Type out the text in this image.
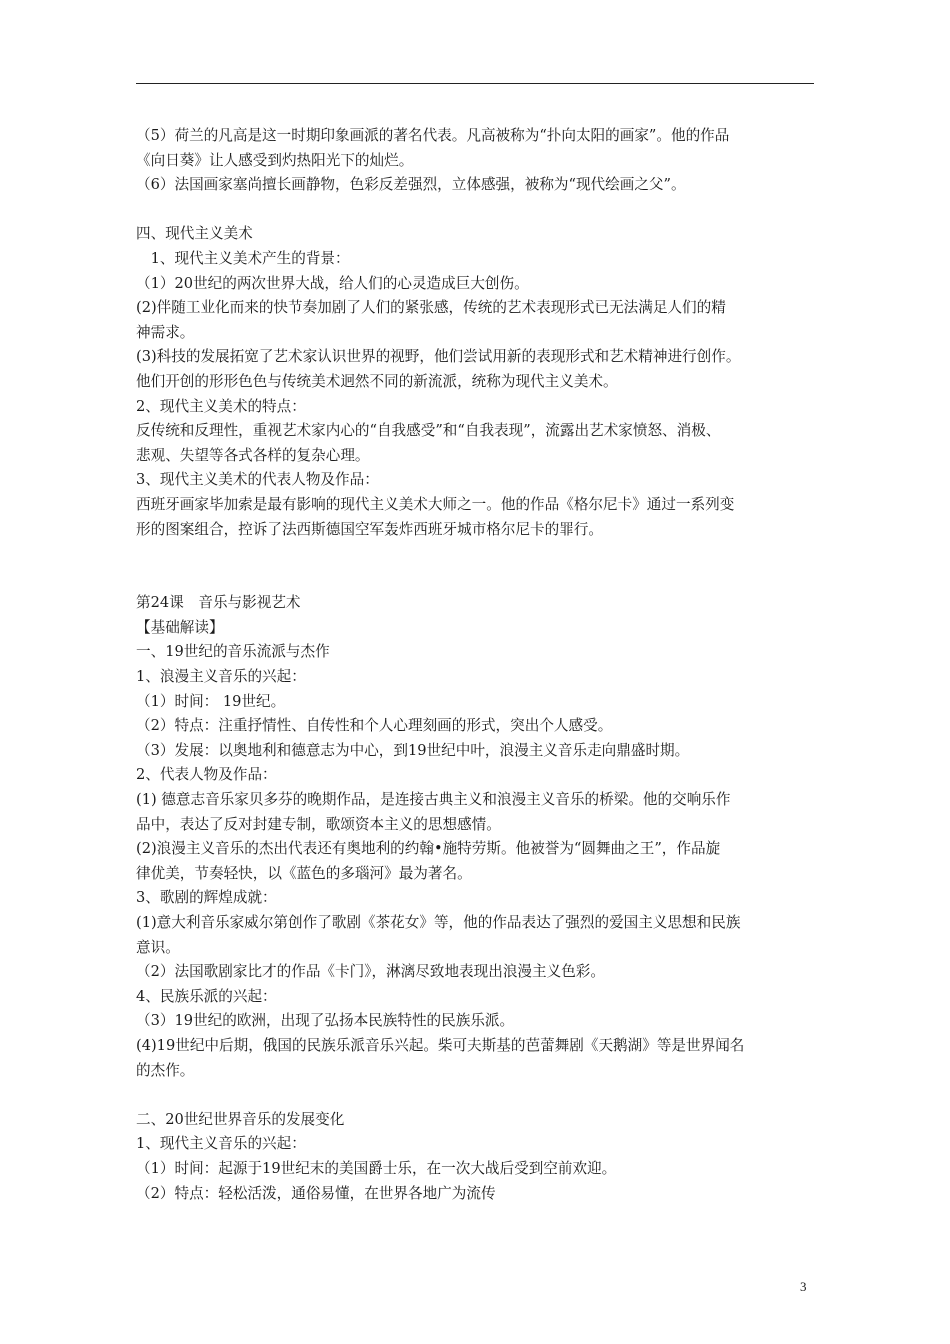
（5）荷兰的凡高是这一时期印象画派的著名代表。凡高被称为“扑向太阳的画家”。他的作品
《向日葵》让人感受到灼热阳光下的灿烂。
（6）法国画家塞尚擅长画静物，色彩反差强烈，立体感强，被称为“现代绘画之父”。
四、现代主义美术
　1、现代主义美术产生的背景：
（1）20世纪的两次世界大战，给人们的心灵造成巨大创伤。
(2)伴随工业化而来的快节奏加剧了人们的紧张感，传统的艺术表现形式已无法满足人们的精
神需求。
(3)科技的发展拓宽了艺术家认识世界的视野，他们尝试用新的表现形式和艺术精神进行创作。
他们开创的形形色色与传统美术迥然不同的新流派，统称为现代主义美术。
2、现代主义美术的特点：
反传统和反理性，重视艺术家内心的“自我感受”和“自我表现”，流露出艺术家愤怒、消极、
悲观、失望等各式各样的复杂心理。
3、现代主义美术的代表人物及作品：
西班牙画家毕加索是最有影响的现代主义美术大师之一。他的作品《格尔尼卡》通过一系列变
形的图案组合，控诉了法西斯德国空军轰炸西班牙城市格尔尼卡的罪行。
第24课　音乐与影视艺术
【基础解读】
一、19世纪的音乐流派与杰作
1、浪漫主义音乐的兴起：
（1）时间： 19世纪。
（2）特点：注重抒情性、自传性和个人心理刻画的形式，突出个人感受。
（3）发展：以奥地利和德意志为中心，到19世纪中叶，浪漫主义音乐走向鼎盛时期。
2、代表人物及作品：
(1) 德意志音乐家贝多芬的晚期作品，是连接古典主义和浪漫主义音乐的桥梁。他的交响乐作
品中，表达了反对封建专制，歌颂资本主义的思想感情。
(2)浪漫主义音乐的杰出代表还有奥地利的约翰•施特劳斯。他被誉为“圆舞曲之王”，作品旋
律优美，节奏轻快，以《蓝色的多瑙河》最为著名。
3、歌剧的辉煌成就：
(1)意大利音乐家威尔第创作了歌剧《茶花女》等，他的作品表达了强烈的爱国主义思想和民族
意识。
（2）法国歌剧家比才的作品《卡门》，淋漓尽致地表现出浪漫主义色彩。
4、民族乐派的兴起：
（3）19世纪的欧洲，出现了弘扬本民族特性的民族乐派。
(4)19世纪中后期，俄国的民族乐派音乐兴起。柴可夫斯基的芭蕾舞剧《天鹅湖》等是世界闻名
的杰作。
二、20世纪世界音乐的发展变化
1、现代主义音乐的兴起：
（1）时间：起源于19世纪末的美国爵士乐，在一次大战后受到空前欢迎。
（2）特点：轻松活泼，通俗易懂，在世界各地广为流传
3
